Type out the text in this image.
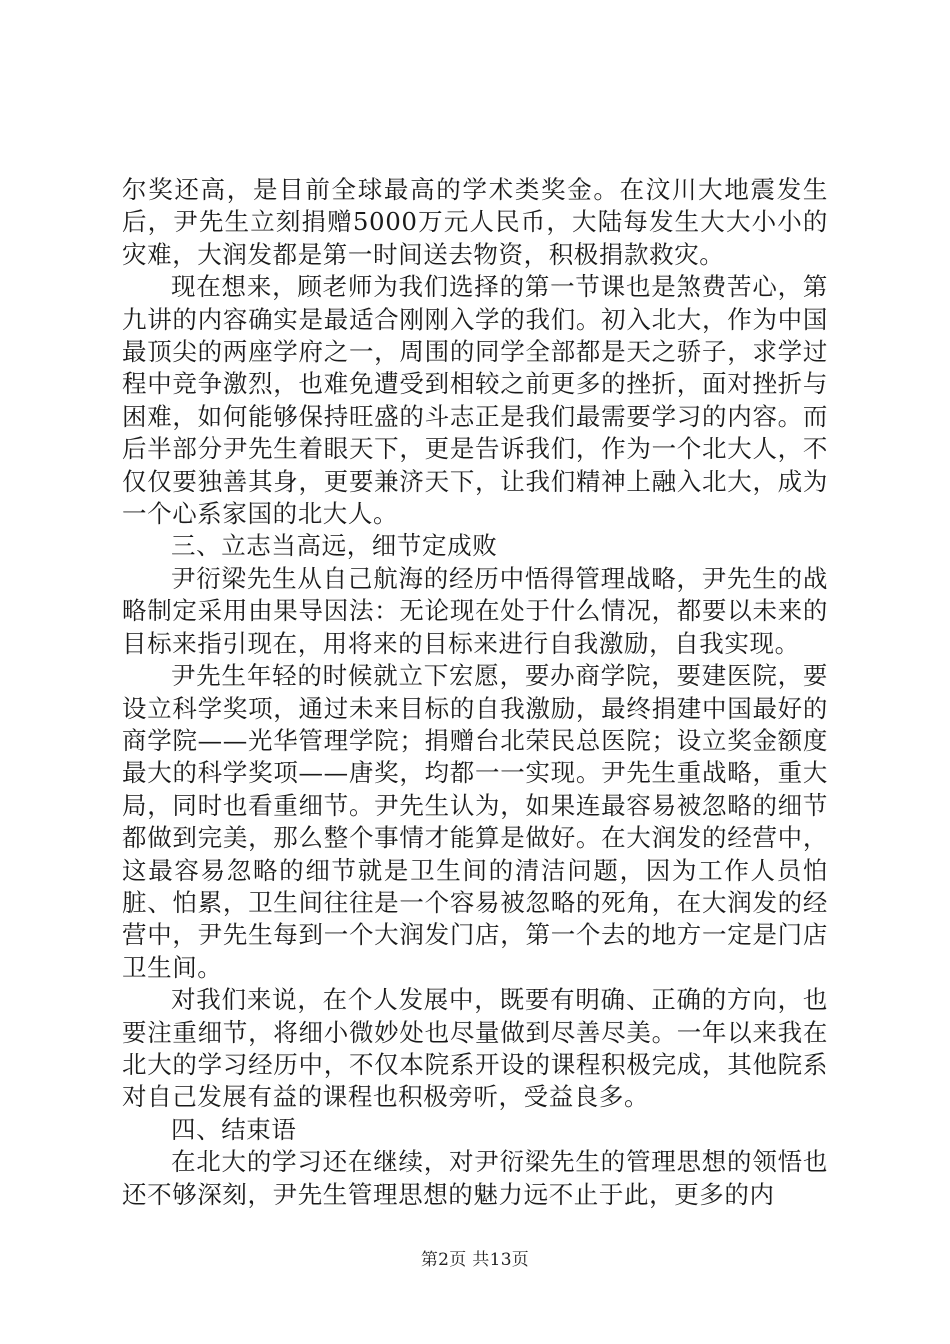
尔奖还高，是目前全球最高的学术类奖金。在汶川大地震发生后，尹先生立刻捐赠5000万元人民币，大陆每发生大大小小的灾难，大润发都是第一时间送去物资，积极捐款救灾。

现在想来，顾老师为我们选择的第一节课也是煞费苦心，第九讲的内容确实是最适合刚刚入学的我们。初入北大，作为中国最顶尖的两座学府之一，周围的同学全部都是天之骄子，求学过程中竞争激烈，也难免遭受到相较之前更多的挫折，面对挫折与困难，如何能够保持旺盛的斗志正是我们最需要学习的内容。而后半部分尹先生着眼天下，更是告诉我们，作为一个北大人，不仅仅要独善其身，更要兼济天下，让我们精神上融入北大，成为一个心系家国的北大人。

三、立志当高远，细节定成败

尹衍梁先生从自己航海的经历中悟得管理战略，尹先生的战略制定采用由果导因法：无论现在处于什么情况，都要以未来的目标来指引现在，用将来的目标来进行自我激励，自我实现。

尹先生年轻的时候就立下宏愿，要办商学院，要建医院，要设立科学奖项，通过未来目标的自我激励，最终捐建中国最好的商学院——光华管理学院；捐赠台北荣民总医院；设立奖金额度最大的科学奖项——唐奖，均都一一实现。尹先生重战略，重大局，同时也看重细节。尹先生认为，如果连最容易被忽略的细节都做到完美，那么整个事情才能算是做好。在大润发的经营中，这最容易忽略的细节就是卫生间的清洁问题，因为工作人员怕脏、怕累，卫生间往往是一个容易被忽略的死角，在大润发的经营中，尹先生每到一个大润发门店，第一个去的地方一定是门店卫生间。

对我们来说，在个人发展中，既要有明确、正确的方向，也要注重细节，将细小微妙处也尽量做到尽善尽美。一年以来我在北大的学习经历中，不仅本院系开设的课程积极完成，其他院系对自己发展有益的课程也积极旁听，受益良多。

四、结束语

在北大的学习还在继续，对尹衍梁先生的管理思想的领悟也还不够深刻，尹先生管理思想的魅力远不止于此，更多的内

第2页 共13页
